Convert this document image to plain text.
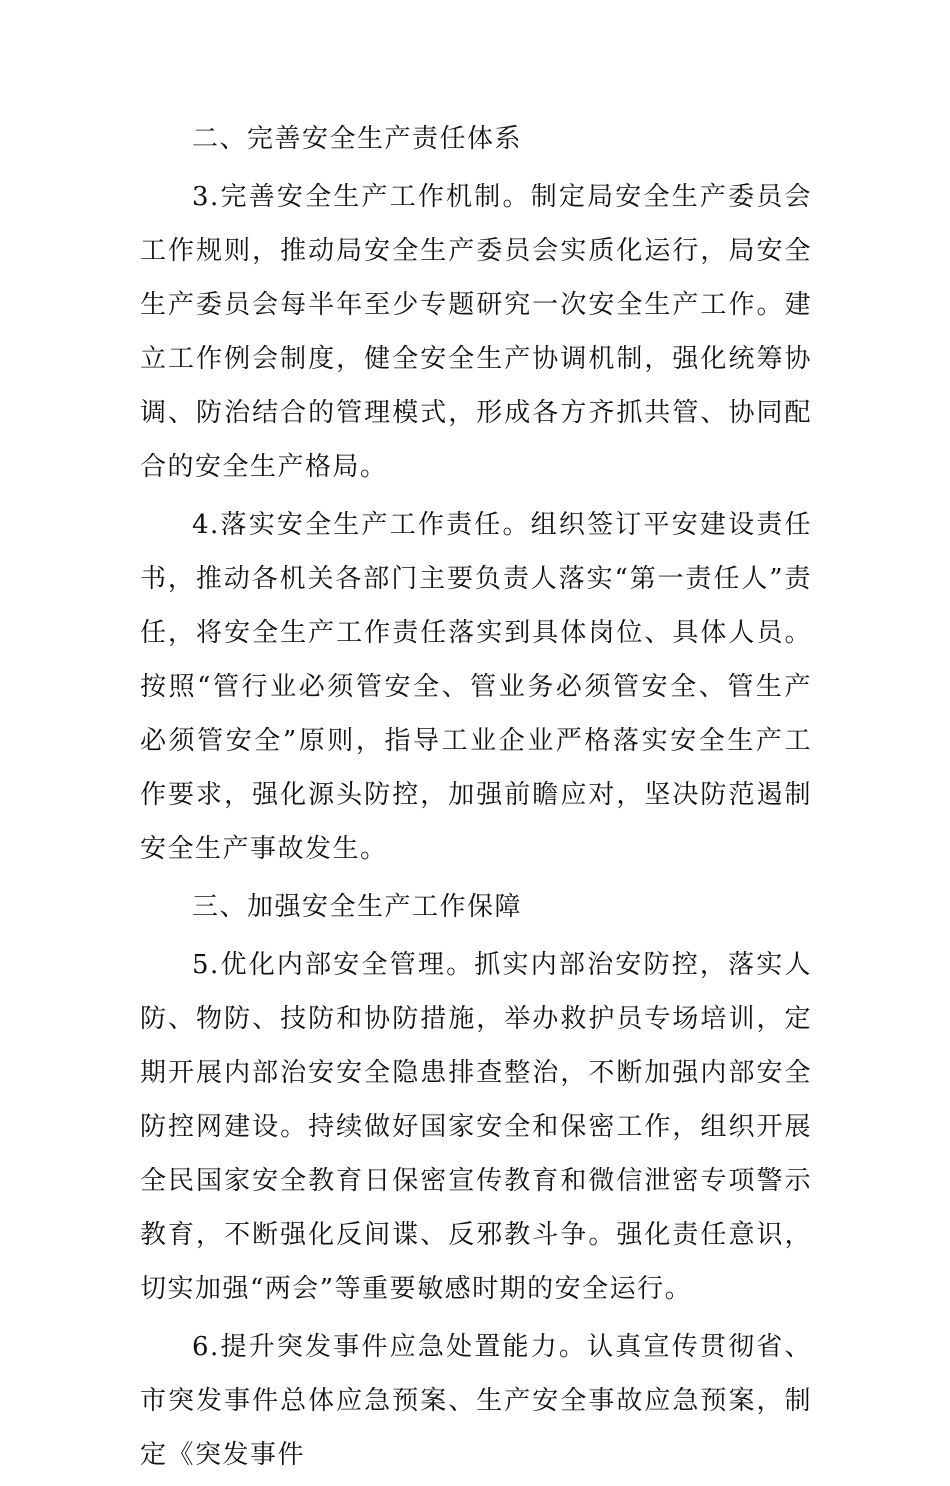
二、完善安全生产责任体系

3.完善安全生产工作机制。制定局安全生产委员会工作规则，推动局安全生产委员会实质化运行，局安全生产委员会每半年至少专题研究一次安全生产工作。建立工作例会制度，健全安全生产协调机制，强化统筹协调、防治结合的管理模式，形成各方齐抓共管、协同配合的安全生产格局。

4.落实安全生产工作责任。组织签订平安建设责任书，推动各机关各部门主要负责人落实“第一责任人”责任，将安全生产工作责任落实到具体岗位、具体人员。按照“管行业必须管安全、管业务必须管安全、管生产必须管安全”原则，指导工业企业严格落实安全生产工作要求，强化源头防控，加强前瞻应对，坚决防范遏制安全生产事故发生。

三、加强安全生产工作保障

5.优化内部安全管理。抓实内部治安防控，落实人防、物防、技防和协防措施，举办救护员专场培训，定期开展内部治安安全隐患排查整治，不断加强内部安全防控网建设。持续做好国家安全和保密工作，组织开展全民国家安全教育日保密宣传教育和微信泄密专项警示教育，不断强化反间谍、反邪教斗争。强化责任意识，切实加强“两会”等重要敏感时期的安全运行。

6.提升突发事件应急处置能力。认真宣传贯彻省、市突发事件总体应急预案、生产安全事故应急预案，制定《突发事件
